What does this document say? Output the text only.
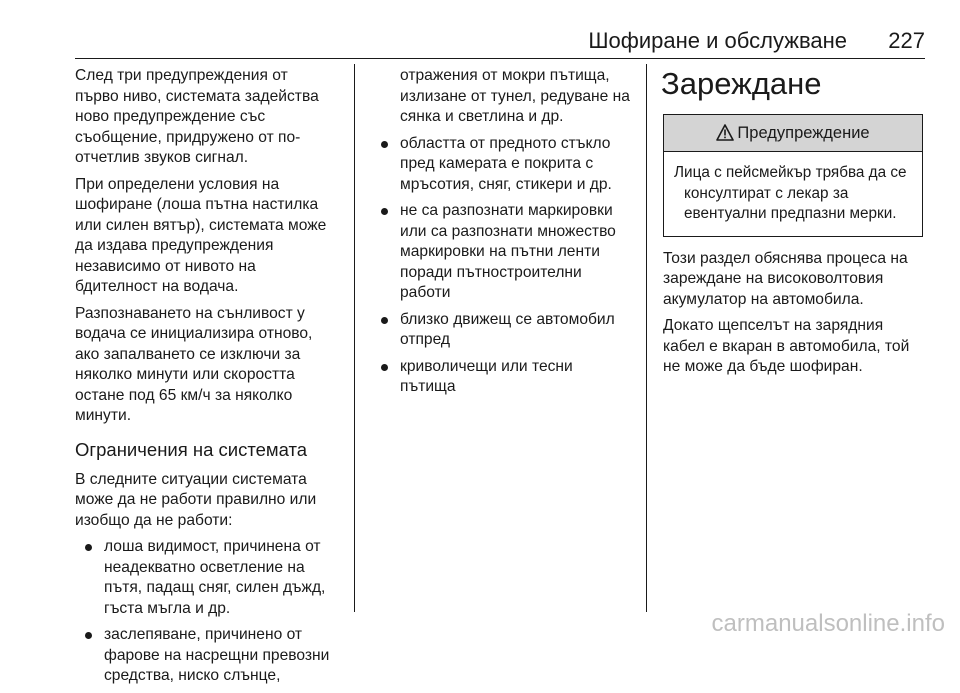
Шофиране и обслужване 227
След три предупреждения от
първо ниво, системата задейства
ново предупреждение със
съобщение, придружено от по-
отчетлив звуков сигнал.
При определени условия на
шофиране (лоша пътна настилка
или силен вятър), системата може
да издава предупреждения
независимо от нивото на
бдителност на водача.
Разпознаването на сънливост у
водача се инициализира отново,
ако запалването се изключи за
няколко минути или скоростта
остане под 65 км/ч за няколко
минути.
Ограничения на системата
В следните ситуации системата
може да не работи правилно или
изобщо да не работи:
лоша видимост, причинена от
неадекватно осветление на
пътя, падащ сняг, силен дъжд,
гъста мъгла и др.
заслепяване, причинено от
фарове на насрещни превозни
средства, ниско слънце,
отражения от мокри пътища,
излизане от тунел, редуване на
сянка и светлина и др.
областта от предното стъкло
пред камерата е покрита с
мръсотия, сняг, стикери и др.
не са разпознати маркировки
или са разпознати множество
маркировки на пътни ленти
поради пътностроителни
работи
близко движещ се автомобил
отпред
криволичещи или тесни
пътища
Зареждане
Предупреждение
Лица с пейсмейкър трябва да се
консултират с лекар за
евентуални предпазни мерки.
Този раздел обяснява процеса на
зареждане на високоволтовия
акумулатор на автомобила.
Докато щепселът на зарядния
кабел е вкаран в автомобила, той
не може да бъде шофиран.
carmanualsonline.info
